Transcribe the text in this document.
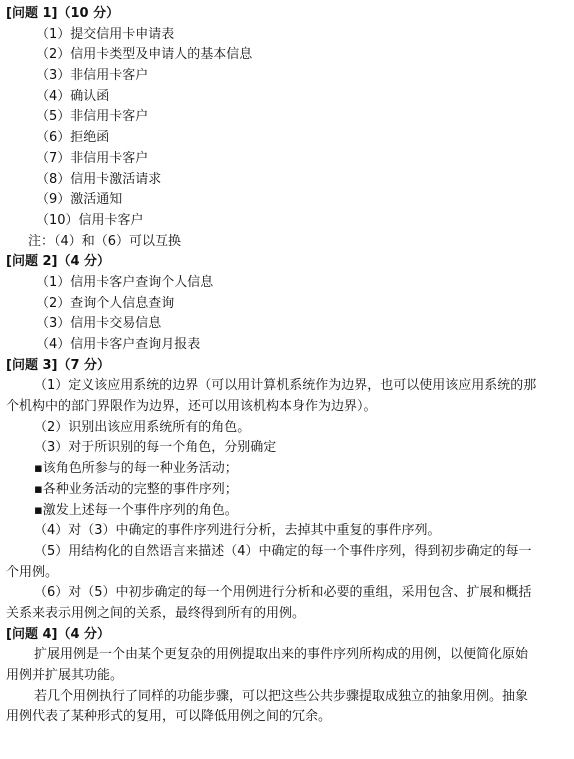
[问题 1]（10 分）
（1）提交信用卡申请表
（2）信用卡类型及申请人的基本信息
（3）非信用卡客户
（4）确认函
（5）非信用卡客户
（6）拒绝函
（7）非信用卡客户
（8）信用卡激活请求
（9）激活通知
（10）信用卡客户
注：（4）和（6）可以互换
[问题 2]（4 分）
（1）信用卡客户查询个人信息
（2）查询个人信息查询
（3）信用卡交易信息
（4）信用卡客户查询月报表
[问题 3]（7 分）
（1）定义该应用系统的边界（可以用计算机系统作为边界，也可以使用该应用系统的那
个机构中的部门界限作为边界，还可以用该机构本身作为边界）。
（2）识别出该应用系统所有的角色。
（3）对于所识别的每一个角色，分别确定
▪该角色所参与的每一种业务活动；
▪各种业务活动的完整的事件序列；
▪激发上述每一个事件序列的角色。
（4）对（3）中确定的事件序列进行分析，去掉其中重复的事件序列。
（5）用结构化的自然语言来描述（4）中确定的每一个事件序列，得到初步确定的每一
个用例。
（6）对（5）中初步确定的每一个用例进行分析和必要的重组，采用包含、扩展和概括
关系来表示用例之间的关系，最终得到所有的用例。
[问题 4]（4 分）
扩展用例是一个由某个更复杂的用例提取出来的事件序列所构成的用例，以便简化原始
用例并扩展其功能。
若几个用例执行了同样的功能步骤，可以把这些公共步骤提取成独立的抽象用例。抽象
用例代表了某种形式的复用，可以降低用例之间的冗余。
